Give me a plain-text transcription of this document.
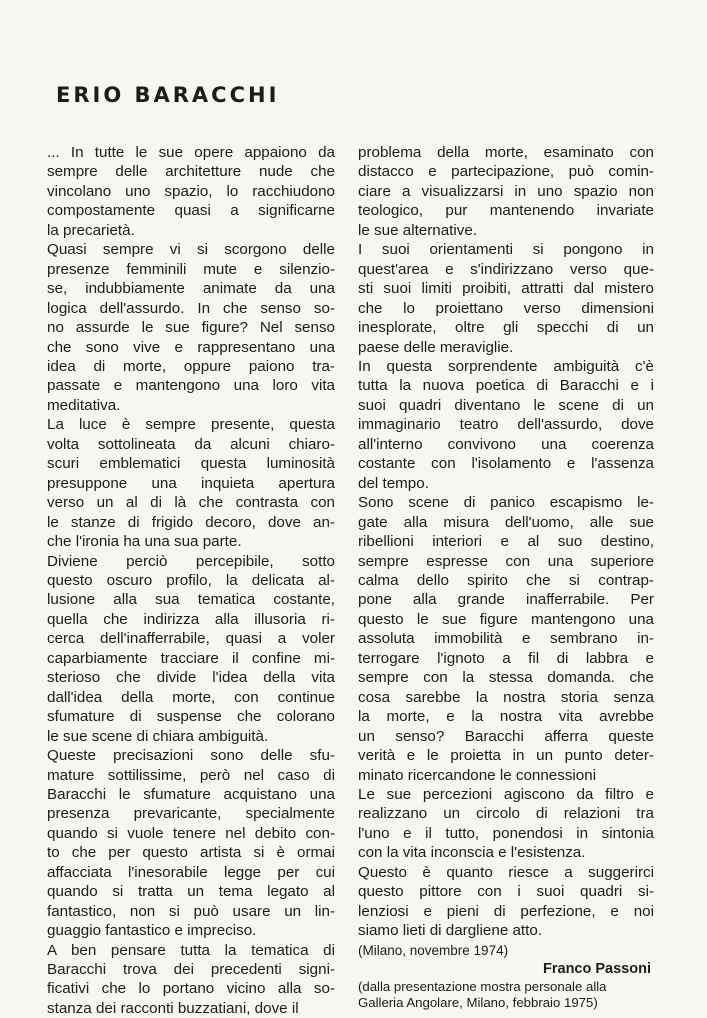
ERIO BARACCHI

... In tutte le sue opere appaiono da
sempre delle architetture nude che
vincolano uno spazio, lo racchiudono
compostamente quasi a significarne
la precarietà.

Quasi sempre vi si scorgono delle
presenze femminili mute e silenzio-
se, indubbiamente animate da una
logica dell'assurdo. In che senso so-
no assurde le sue figure? Nel senso
che sono vive e rappresentano una
idea di morte, oppure paiono tra-
passate e mantengono una loro vita
meditativa.

La luce è sempre presente, questa
volta sottolineata da alcuni chiaro-
scuri emblematici questa luminosità
presuppone una inquieta apertura
verso un al di là che contrasta con
le stanze di frigido decoro, dove an-
che l'ironia ha una sua parte.

Diviene perciò percepibile, sotto
questo oscuro profilo, la delicata al-
lusione alla sua tematica costante,
quella che indirizza alla illusoria ri-
cerca dell'inafferrabile, quasi a voler
caparbiamente tracciare il confine mi-
sterioso che divide l'idea della vita
dall'idea della morte, con continue
sfumature di suspense che colorano
le sue scene di chiara ambiguità.

Queste precisazioni sono delle sfu-
mature sottilissime, però nel caso di
Baracchi le sfumature acquistano una
presenza prevaricante, specialmente
quando si vuole tenere nel debito con-
to che per questo artista si è ormai
affacciata l'inesorabile legge per cui
quando si tratta un tema legato al
fantastico, non si può usare un lin-
guaggio fantastico e impreciso.

A ben pensare tutta la tematica di
Baracchi trova dei precedenti signi-
ficativi che lo portano vicino alla so-
stanza dei racconti buzzatiani, dove il

problema della morte, esaminato con
distacco e partecipazione, può comin-
ciare a visualizzarsi in uno spazio non
teologico, pur mantenendo invariate
le sue alternative.

I suoi orientamenti si pongono in
quest'area e s'indirizzano verso que-
sti suoi limiti proibiti, attratti dal mistero
che lo proiettano verso dimensioni
inesplorate, oltre gli specchi di un
paese delle meraviglie.

In questa sorprendente ambiguità c'è
tutta la nuova poetica di Baracchi e i
suoi quadri diventano le scene di un
immaginario teatro dell'assurdo, dove
all'interno convivono una coerenza
costante con l'isolamento e l'assenza
del tempo.

Sono scene di panico escapismo le-
gate alla misura dell'uomo, alle sue
ribellioni interiori e al suo destino,
sempre espresse con una superiore
calma dello spirito che si contrap-
pone alla grande inafferrabile. Per
questo le sue figure mantengono una
assoluta immobilità e sembrano in-
terrogare l'ignoto a fil di labbra e
sempre con la stessa domanda. che
cosa sarebbe la nostra storia senza
la morte, e la nostra vita avrebbe
un senso? Baracchi afferra queste
verità e le proietta in un punto deter-
minato ricercandone le connessioni

Le sue percezioni agiscono da filtro e
realizzano un circolo di relazioni tra
l'uno e il tutto, ponendosi in sintonia
con la vita inconscia e l'esistenza.

Questo è quanto riesce a suggerirci
questo pittore con i suoi quadri si-
lenziosi e pieni di perfezione, e noi
siamo lieti di dargliene atto.

(Milano, novembre 1974)

Franco Passoni

(dalla presentazione mostra personale alla
Galleria Angolare, Milano, febbraio 1975)
